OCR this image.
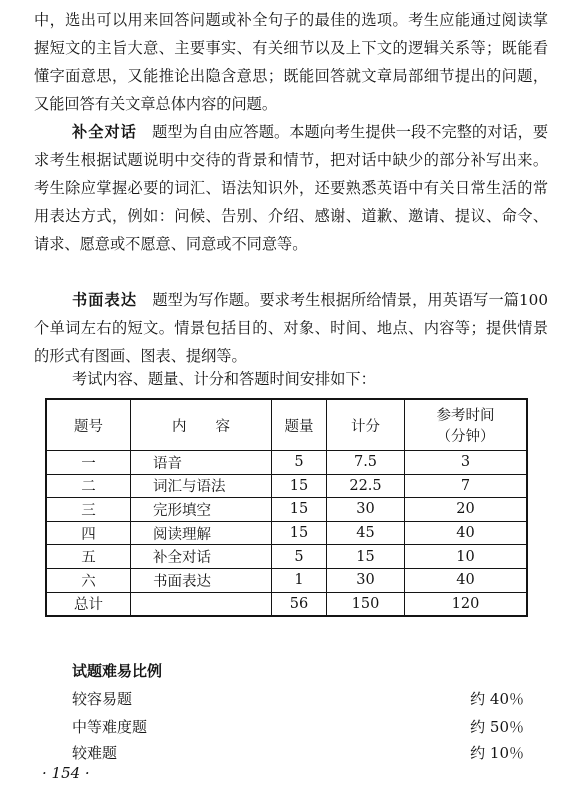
中，选出可以用来回答问题或补全句子的最佳的选项。考生应能通过阅读掌握短文的主旨大意、主要事实、有关细节以及上下文的逻辑关系等；既能看懂字面意思，又能推论出隐含意思；既能回答就文章局部细节提出的问题，又能回答有关文章总体内容的问题。

补全对话　 题型为自由应答题。本题向考生提供一段不完整的对话，要求考生根据试题说明中交待的背景和情节，把对话中缺少的部分补写出来。考生除应掌握必要的词汇、语法知识外，还要熟悉英语中有关日常生活的常用表达方式，例如：问候、告别、介绍、感谢、道歉、邀请、提议、命令、请求、愿意或不愿意、同意或不同意等。

书面表达　 题型为写作题。要求考生根据所给情景，用英语写一篇100个单词左右的短文。情景包括目的、对象、时间、地点、内容等；提供情景的形式有图画、图表、提纲等。

考试内容、题量、计分和答题时间安排如下：
题号	内　　容	题量	计分	参考时间
（分钟）
一	语音	5	7.5	3
二	词汇与语法	15	22.5	7
三	完形填空	15	30	20
四	阅读理解	15	45	40
五	补全对话	5	15	10
六	书面表达	1	30	40
总计		56	150	120
试题难易比例
较容易题	约 40％
中等难度题	约 50％
较难题	约 10％
· 154 ·
